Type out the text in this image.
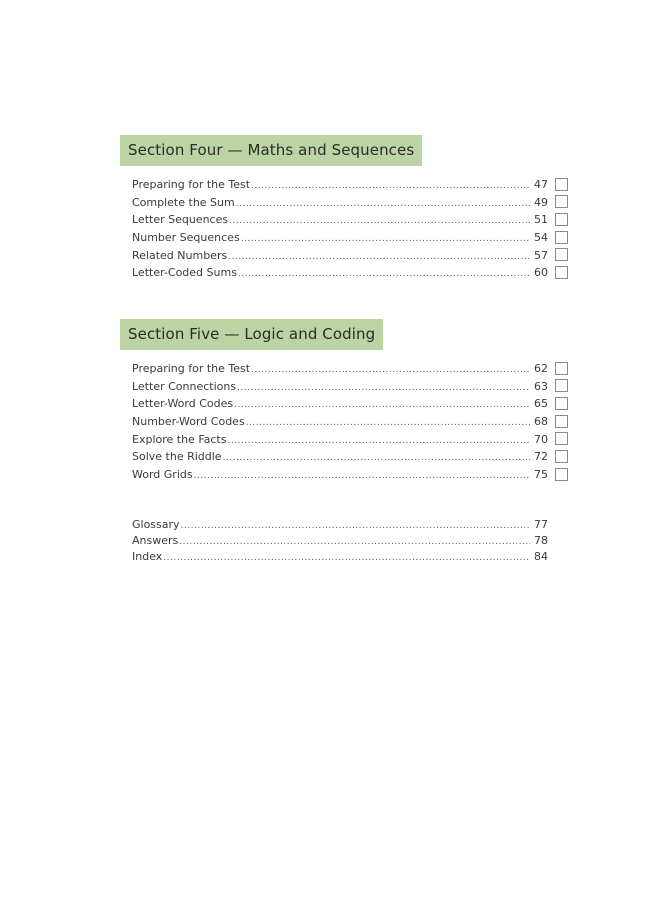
Section Four — Maths and Sequences
Preparing for the Test .....	47
Complete the Sum .....	49
Letter Sequences .....	51
Number Sequences .....	54
Related Numbers .....	57
Letter-Coded Sums .....	60
Section Five — Logic and Coding
Preparing for the Test .....	62
Letter Connections .....	63
Letter-Word Codes .....	65
Number-Word Codes .....	68
Explore the Facts .....	70
Solve the Riddle .....	72
Word Grids .....	75
Glossary .....	77
Answers .....	78
Index .....	84
